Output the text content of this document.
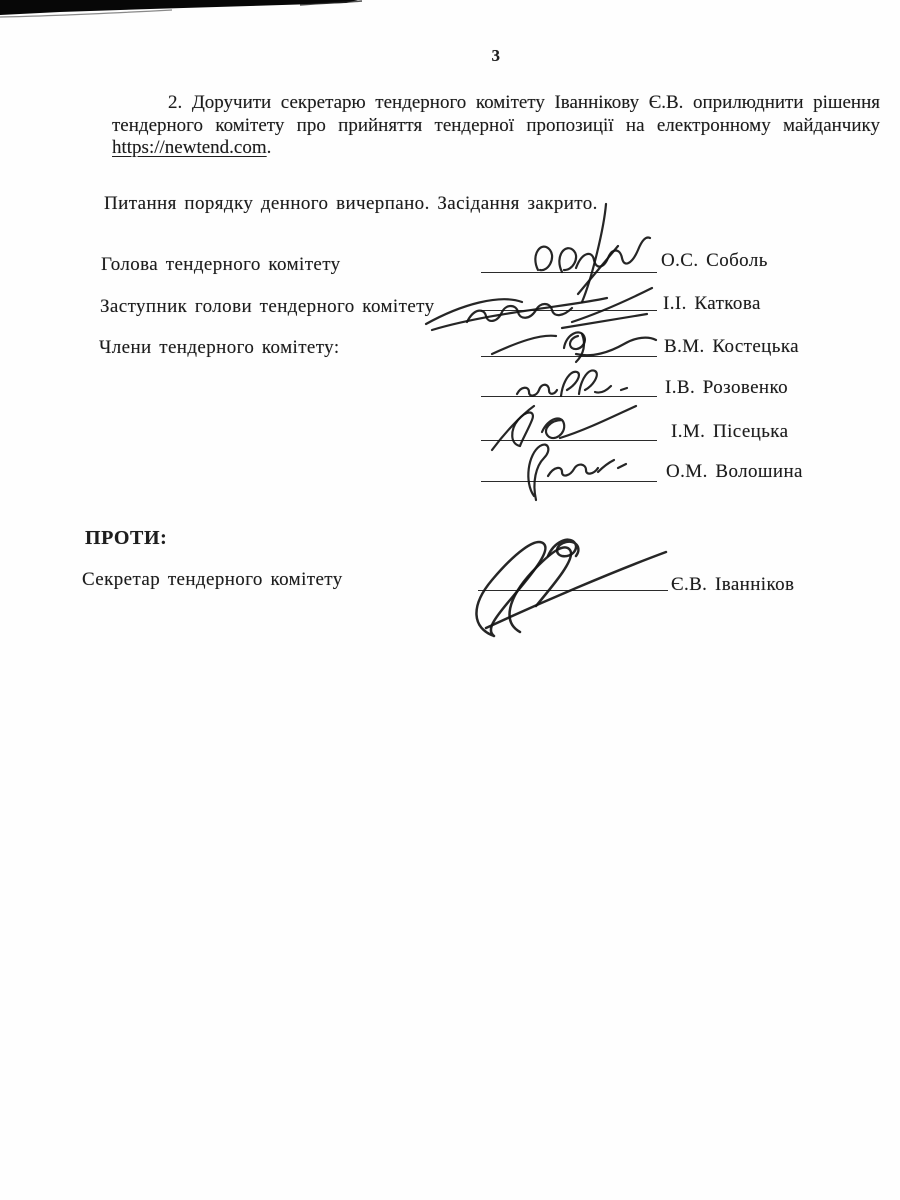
3
2. Доручити секретарю тендерного комітету Іваннікову Є.В. оприлюднити рішення
тендерного комітету про прийняття тендерної пропозиції на електронному майданчику
https://newtend.com.
Питання порядку денного вичерпано. Засідання закрито.
Голова тендерного комітету	О.С. Соболь
Заступник голови тендерного комітету	І.І. Каткова
Члени тендерного комітету:	В.М. Костецька
І.В. Розовенко
І.М. Пісецька
О.М. Волошина
ПРОТИ:
Секретар тендерного комітету	Є.В. Іванніков
